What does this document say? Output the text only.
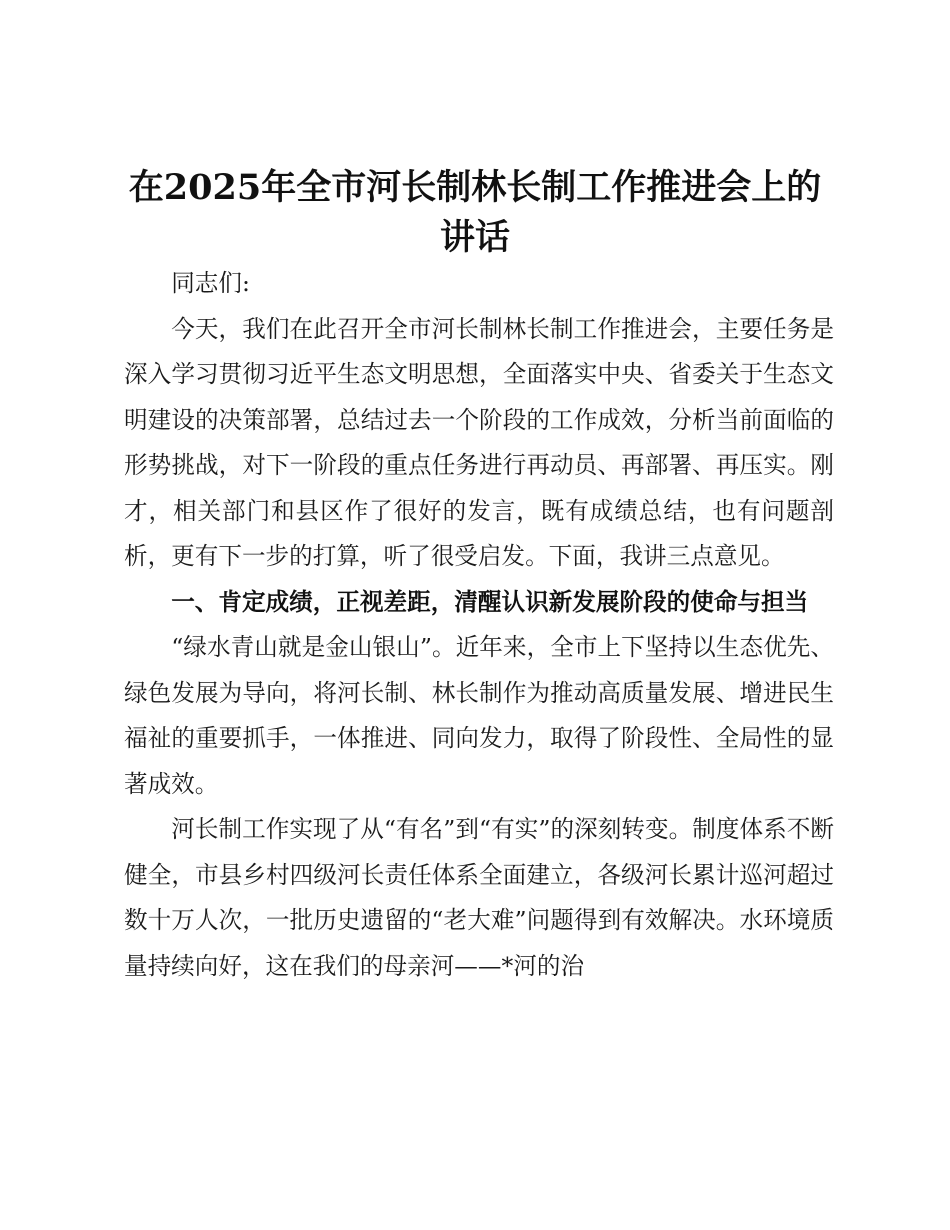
在2025年全市河长制林长制工作推进会上的讲话

同志们:

今天，我们在此召开全市河长制林长制工作推进会，主要任务是深入学习贯彻习近平生态文明思想，全面落实中央、省委关于生态文明建设的决策部署，总结过去一个阶段的工作成效，分析当前面临的形势挑战，对下一阶段的重点任务进行再动员、再部署、再压实。刚才，相关部门和县区作了很好的发言，既有成绩总结，也有问题剖析，更有下一步的打算，听了很受启发。下面，我讲三点意见。

一、肯定成绩，正视差距，清醒认识新发展阶段的使命与担当

“绿水青山就是金山银山”。近年来，全市上下坚持以生态优先、绿色发展为导向，将河长制、林长制作为推动高质量发展、增进民生福祉的重要抓手，一体推进、同向发力，取得了阶段性、全局性的显著成效。

河长制工作实现了从“有名”到“有实”的深刻转变。制度体系不断健全，市县乡村四级河长责任体系全面建立，各级河长累计巡河超过数十万人次，一批历史遗留的“老大难”问题得到有效解决。水环境质量持续向好，这在我们的母亲河——*河的治
